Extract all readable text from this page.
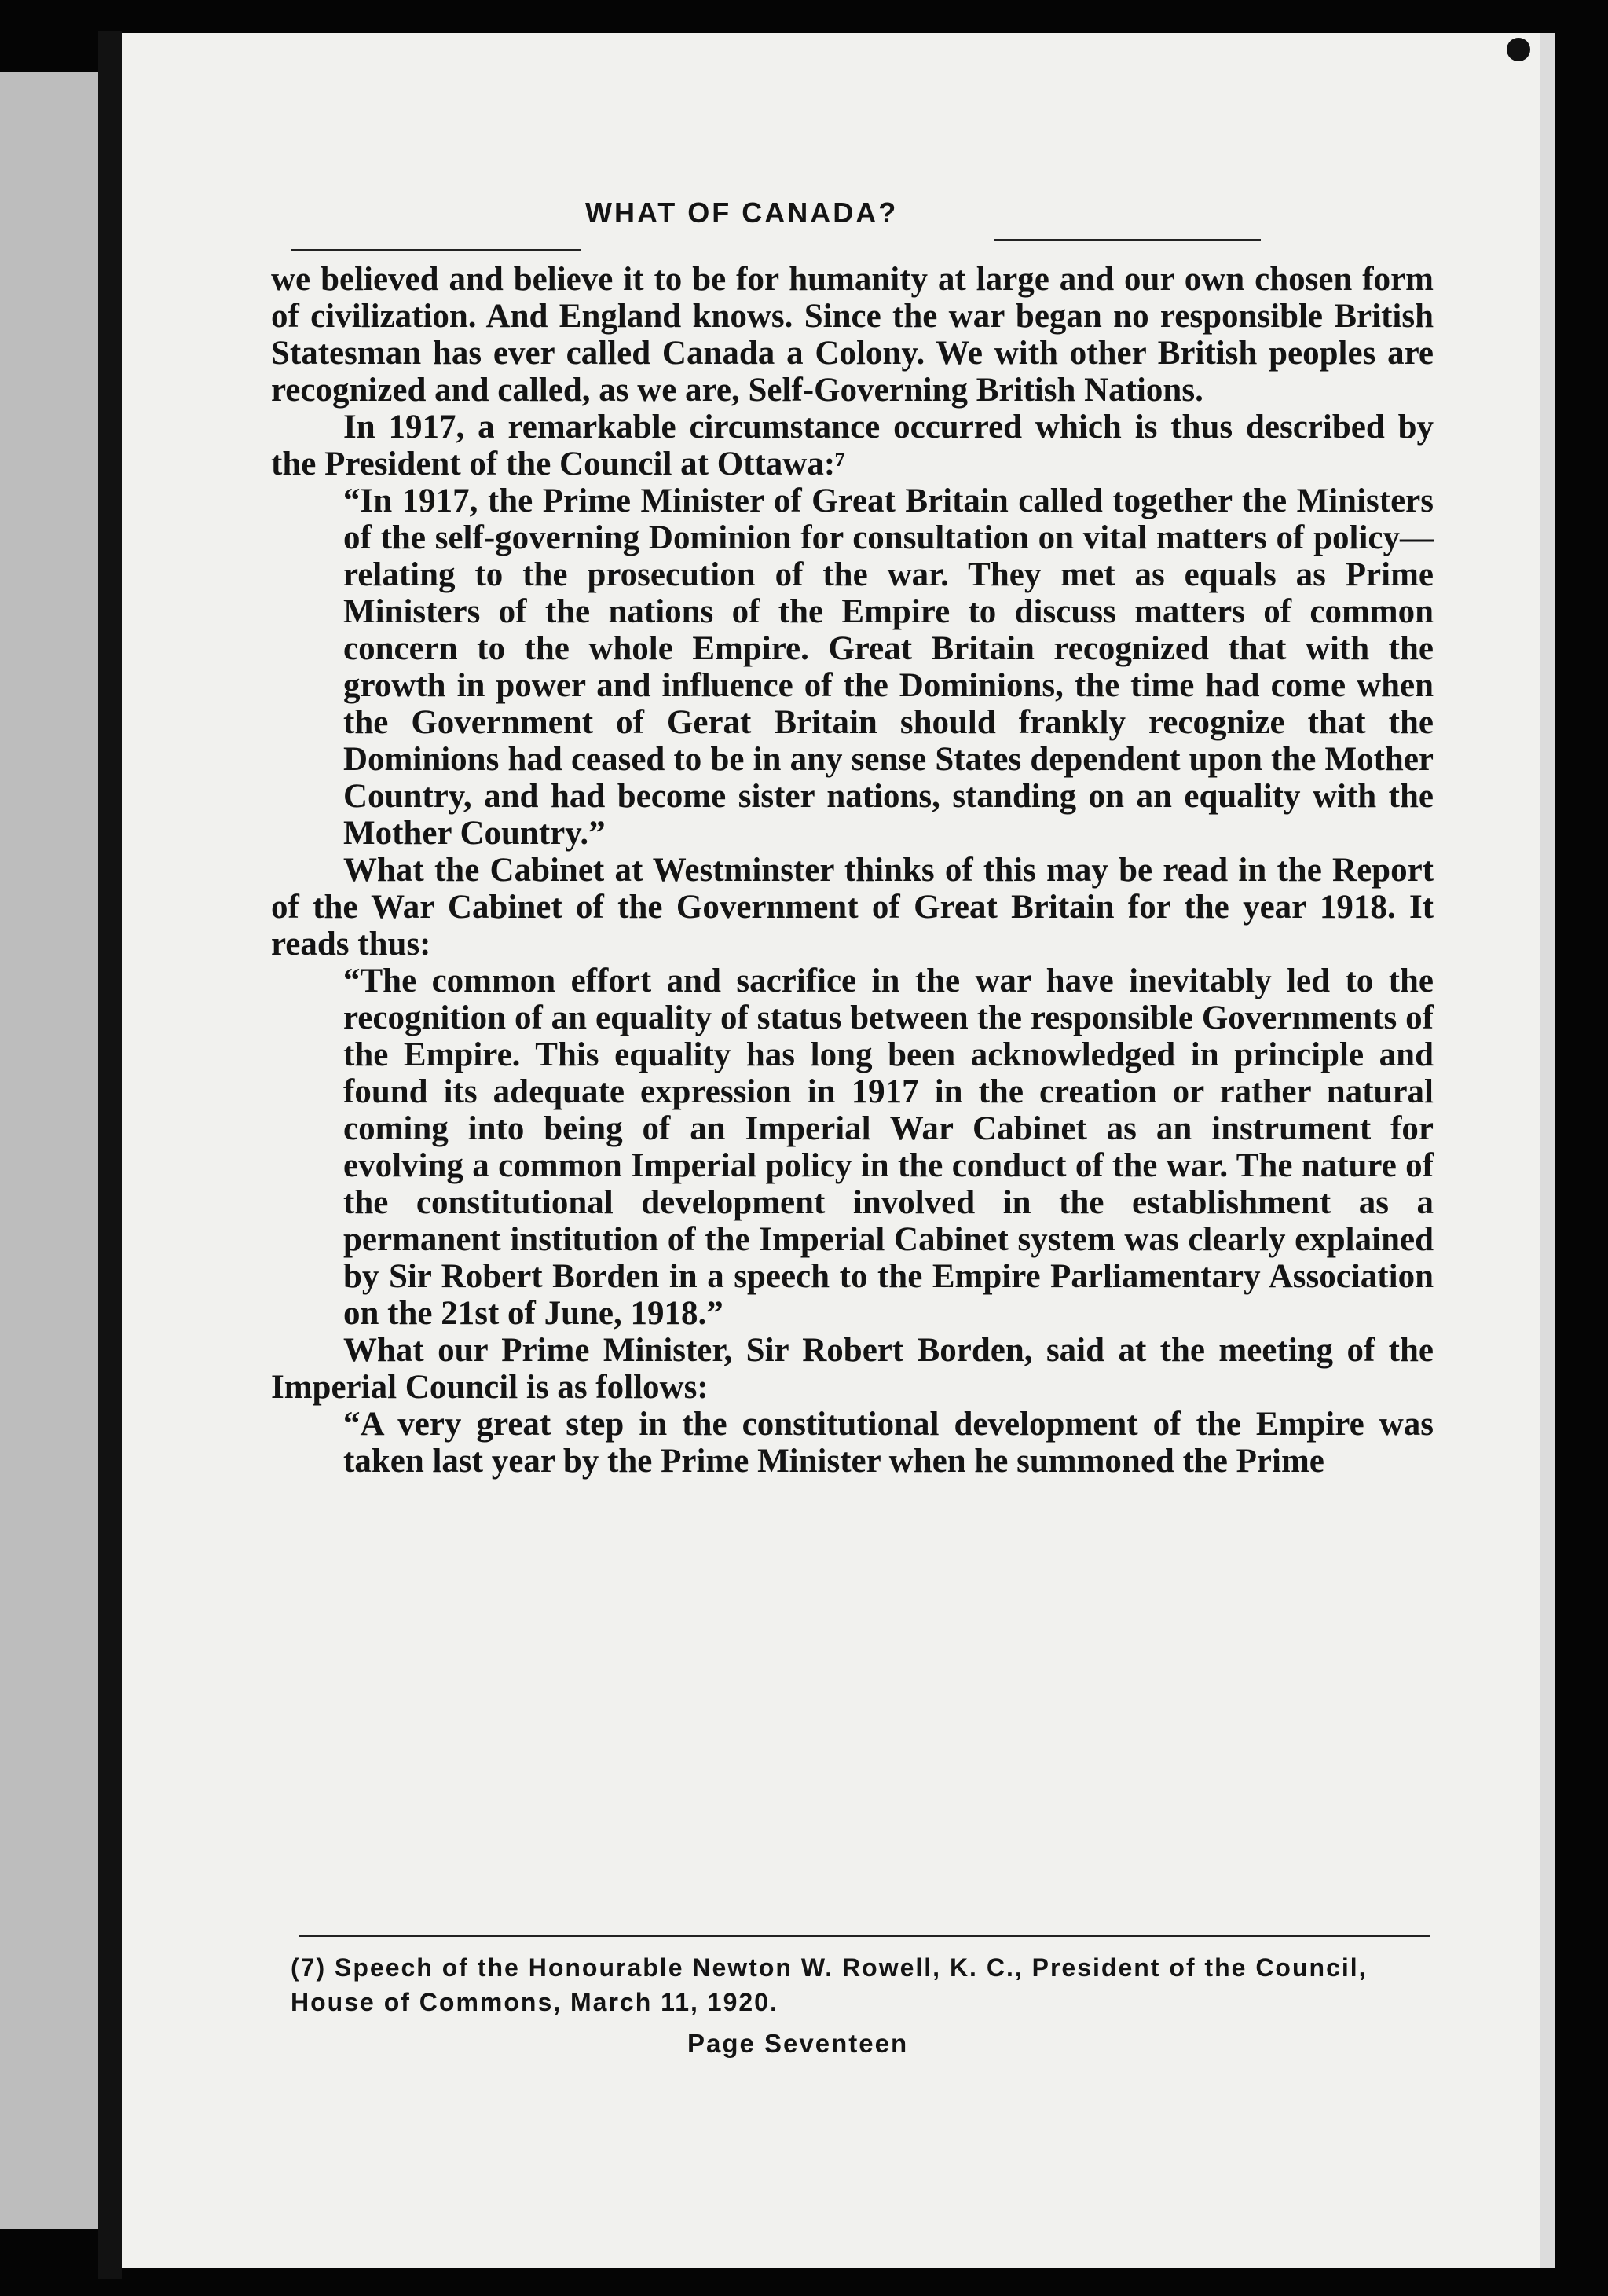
WHAT OF CANADA?

we believed and believe it to be for humanity at large and our own chosen form of civilization. And England knows. Since the war began no responsible British Statesman has ever called Canada a Colony. We with other British peoples are recognized and called, as we are, Self-Governing British Nations.

In 1917, a remarkable circumstance occurred which is thus described by the President of the Council at Ottawa:⁷

“In 1917, the Prime Minister of Great Britain called together the Ministers of the self-governing Dominion for consultation on vital matters of policy—relating to the prosecution of the war. They met as equals as Prime Ministers of the nations of the Empire to discuss matters of common concern to the whole Empire. Great Britain recognized that with the growth in power and influence of the Dominions, the time had come when the Government of Gerat Britain should frankly recognize that the Dominions had ceased to be in any sense States dependent upon the Mother Country, and had become sister nations, standing on an equality with the Mother Country.”

What the Cabinet at Westminster thinks of this may be read in the Report of the War Cabinet of the Government of Great Britain for the year 1918. It reads thus:

“The common effort and sacrifice in the war have inevitably led to the recognition of an equality of status between the responsible Governments of the Empire. This equality has long been acknowledged in principle and found its adequate expression in 1917 in the creation or rather natural coming into being of an Imperial War Cabinet as an instrument for evolving a common Imperial policy in the conduct of the war. The nature of the constitutional development involved in the establishment as a permanent institution of the Imperial Cabinet system was clearly explained by Sir Robert Borden in a speech to the Empire Parliamentary Association on the 21st of June, 1918.”

What our Prime Minister, Sir Robert Borden, said at the meeting of the Imperial Council is as follows:

“A very great step in the constitutional development of the Empire was taken last year by the Prime Minister when he summoned the Prime

(7) Speech of the Honourable Newton W. Rowell, K. C., President of the Council, House of Commons, March 11, 1920.

Page Seventeen
